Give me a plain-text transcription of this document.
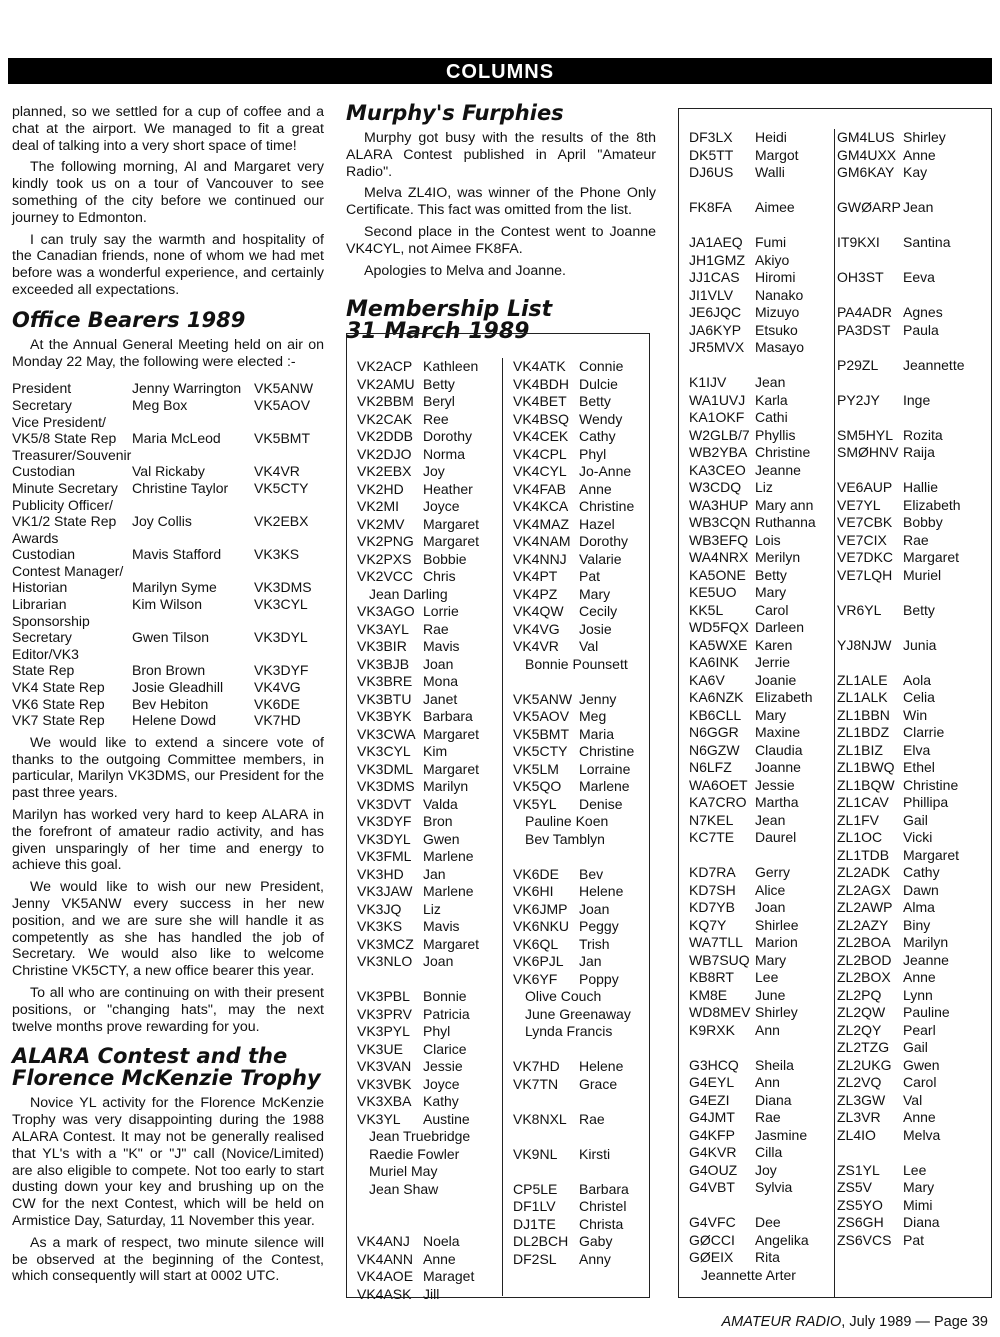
COLUMNS

planned, so we settled for a cup of coffee and a chat at the airport. We managed to fit a great deal of talking into a very short space of time!

The following morning, Al and Margaret very kindly took us on a tour of Vancouver to see something of the city before we continued our journey to Edmonton.

I can truly say the warmth and hospitality of the Canadian friends, none of whom we had met before was a wonderful experience, and certainly exceeded all expectations.

Office Bearers 1989

At the Annual General Meeting held on air on Monday 22 May, the following were elected :-

President	Jenny Warrington VK5ANW
Secretary	Meg Box	VK5AOV
Vice President/
VK5/8 State Rep	Maria McLeod	VK5BMT
Treasurer/Souvenir
Custodian	Val Rickaby	VK4VR
Minute Secretary	Christine Taylor	VK5CTY
Publicity Officer/
VK1/2 State Rep	Joy Collis	VK2EBX
Awards
Custodian	Mavis Stafford	VK3KS
Contest Manager/
Historian	Marilyn Syme	VK3DMS
Librarian	Kim Wilson	VK3CYL
Sponsorship
Secretary	Gwen Tilson	VK3DYL
Editor/VK3
State Rep	Bron Brown	VK3DYF
VK4 State Rep	Josie Gleadhill	VK4VG
VK6 State Rep	Bev Hebiton	VK6DE
VK7 State Rep	Helene Dowd	VK7HD

We would like to extend a sincere vote of thanks to the outgoing Committee members, in particular, Marilyn VK3DMS, our President for the past three years.

Marilyn has worked very hard to keep ALARA in the forefront of amateur radio activity, and has given unsparingly of her time and energy to achieve this goal.

We would like to wish our new President, Jenny VK5ANW every success in her new position, and we are sure she will handle it as competently as she has handled the job of Secretary. We would also like to welcome Christine VK5CTY, a new office bearer this year.

To all who are continuing on with their present positions, or "changing hats", may the next twelve months prove rewarding for you.

ALARA Contest and the Florence McKenzie Trophy

Novice YL activity for the Florence McKenzie Trophy was very disappointing during the 1988 ALARA Contest. It may not be generally realised that YL's with a "K" or "J" call (Novice/Limited) are also eligible to compete. Not too early to start dusting down your key and brushing up on the CW for the next Contest, which will be held on Armistice Day, Saturday, 11 November this year.

As a mark of respect, two minute silence will be observed at the beginning of the Contest, which consequently will start at 0002 UTC.

Murphy's Furphies

Murphy got busy with the results of the 8th ALARA Contest published in April "Amateur Radio".

Melva ZL4IO, was winner of the Phone Only Certificate. This fact was omitted from the list.

Second place in the Contest went to Joanne VK4CYL, not Aimee FK8FA.

Apologies to Melva and Joanne.

Membership List
31 March 1989
VK2ACP Kathleen
VK2AMU Betty
VK2BBM Beryl
VK2CAK Ree
VK2DDB Dorothy
VK2DJO Norma
VK2EBX Joy
VK2HD	Heather
VK2MI	Joyce
VK2MV	Margaret
VK2PNG Margaret
VK2PXS Bobbie
VK2VCC Chris
Jean Darling
VK3AGO Lorrie
VK3AYL	Rae
VK3BIR	Mavis
VK3BJB Joan
VK3BRE Mona
VK3BTU Janet
VK3BYK Barbara
VK3CWA Margaret
VK3CYL Kim
VK3DML Margaret
VK3DMS Marilyn
VK3DVT Valda
VK3DYF Bron
VK3DYL Gwen
VK3FML Marlene
VK3HD	Jan
VK3JAW Marlene
VK3JQ	Liz
VK3KS	Mavis
VK3MCZ Margaret
VK3NLO Joan
VK3PBL Bonnie
VK3PRV Patricia
VK3PYL Phyl
VK3UE	Clarice
VK3VAN Jessie
VK3VBK Joyce
VK3XBA Kathy
VK3YL	Austine
Jean Truebridge
Raedie Fowler
Muriel May
Jean Shaw
VK4ANJ Noela
VK4ANN Anne
VK4AOE Maraget
VK4ASK Jill
VK4ATK Connie
VK4BDH Dulcie
VK4BET Betty
VK4BSQ Wendy
VK4CEK Cathy
VK4CPL Phyl
VK4CYL Jo-Anne
VK4FAB Anne
VK4KCA Christine
VK4MAZ Hazel
VK4NAM Dorothy
VK4NNJ Valarie
VK4PT	Pat
VK4PZ	Mary
VK4QW	Cecily
VK4VG	Josie
VK4VR	Val
Bonnie Pounsett
VK5ANW Jenny
VK5AOV Meg
VK5BMT Maria
VK5CTY Christine
VK5LM	Lorraine
VK5QO	Marlene
VK5YL	Denise
Pauline Koen
Bev Tamblyn
VK6DE	Bev
VK6HI	Helene
VK6JMP Joan
VK6NKU Peggy
VK6QL	Trish
VK6PJL	Jan
VK6YF	Poppy
Olive Couch
June Greenaway
Lynda Francis
VK7HD	Helene
VK7TN	Grace
VK8NXL Rae
VK9NL	Kirsti
CP5LE	Barbara
DF1LV	Christel
DJ1TE	Christa
DL2BCH Gaby
DF2SL	Anny
DF3LX	Heidi
DK5TT	Margot
DJ6US	Walli
FK8FA	Aimee
JA1AEQ Fumi
JH1GMZ Akiyo
JJ1CAS	Hiromi
JI1VLV	Nanako
JE6JQC Mizuyo
JA6KYP Etsuko
JR5MVX Masayo
K1IJV	Jean
WA1UVJ Karla
KA1OKF Cathi
W2GLB/7 Phyllis
WB2YBA Christine
KA3CEO Jeanne
W3CDQ Liz
WA3HUP Mary ann
WB3CQN Ruthanna
WB3EFQ Lois
WA4NRX Merilyn
KA5ONE Betty
KE5UO	Mary
KK5L	Carol
WD5FQX Darleen
KA5WXE Karen
KA6INK	Jerrie
KA6V	Joanie
KA6NZK Elizabeth
KB6CLL Mary
N6GGR	Maxine
N6GZW	Claudia
N6LFZ	Joanne
WA6OET Jessie
KA7CRO Martha
N7KEL	Jean
KC7TE	Daurel
KD7RA	Gerry
KD7SH	Alice
KD7YB	Joan
KQ7Y	Shirlee
WA7TLL Marion
WB7SUQ Mary
KB8RT	Lee
KM8E	June
WD8MEV Shirley
K9RXK	Ann
G3HCQ	Sheila
G4EYL	Ann
G4EZI	Diana
G4JMT	Rae
G4KFP	Jasmine
G4KVR	Cilla
G4OUZ	Joy
G4VBT	Sylvia
G4VFC	Dee
GØCCI	Angelika
GØEIX	Rita
Jeannette Arter
GM4LUS Shirley
GM4UXX Anne
GM6KAY Kay
GWØARP Jean
IT9KXI	Santina
OH3ST	Eeva
PA4ADR Agnes
PA3DST Paula
P29ZL	Jeannette
PY2JY	Inge
SM5HYL Rozita
SMØHNV Raija
VE6AUP Hallie
VE7YL	Elizabeth
VE7CBK Bobby
VE7CIX	Rae
VE7DKC Margaret
VE7LQH Muriel
VR6YL	Betty
YJ8NJW Junia
ZL1ALE	Aola
ZL1ALK	Celia
ZL1BBN Win
ZL1BDZ Clarrie
ZL1BIZ	Elva
ZL1BWQ Ethel
ZL1BQW Christine
ZL1CAV	Phillipa
ZL1FV	Gail
ZL1OC	Vicki
ZL1TDB Margaret
ZL2ADK Cathy
ZL2AGX Dawn
ZL2AWP Alma
ZL2AZY	Biny
ZL2BOA Marilyn
ZL2BOD Jeanne
ZL2BOX Anne
ZL2PQ	Lynn
ZL2QW	Pauline
ZL2QY	Pearl
ZL2TZG Gail
ZL2UKG Gwen
ZL2VQ	Carol
ZL3GW	Val
ZL3VR	Anne
ZL4IO	Melva
ZS1YL	Lee
ZS5V	Mary
ZS5YO	Mimi
ZS6GH	Diana
ZS6VCS Pat
AMATEUR RADIO, July 1989 — Page 39
